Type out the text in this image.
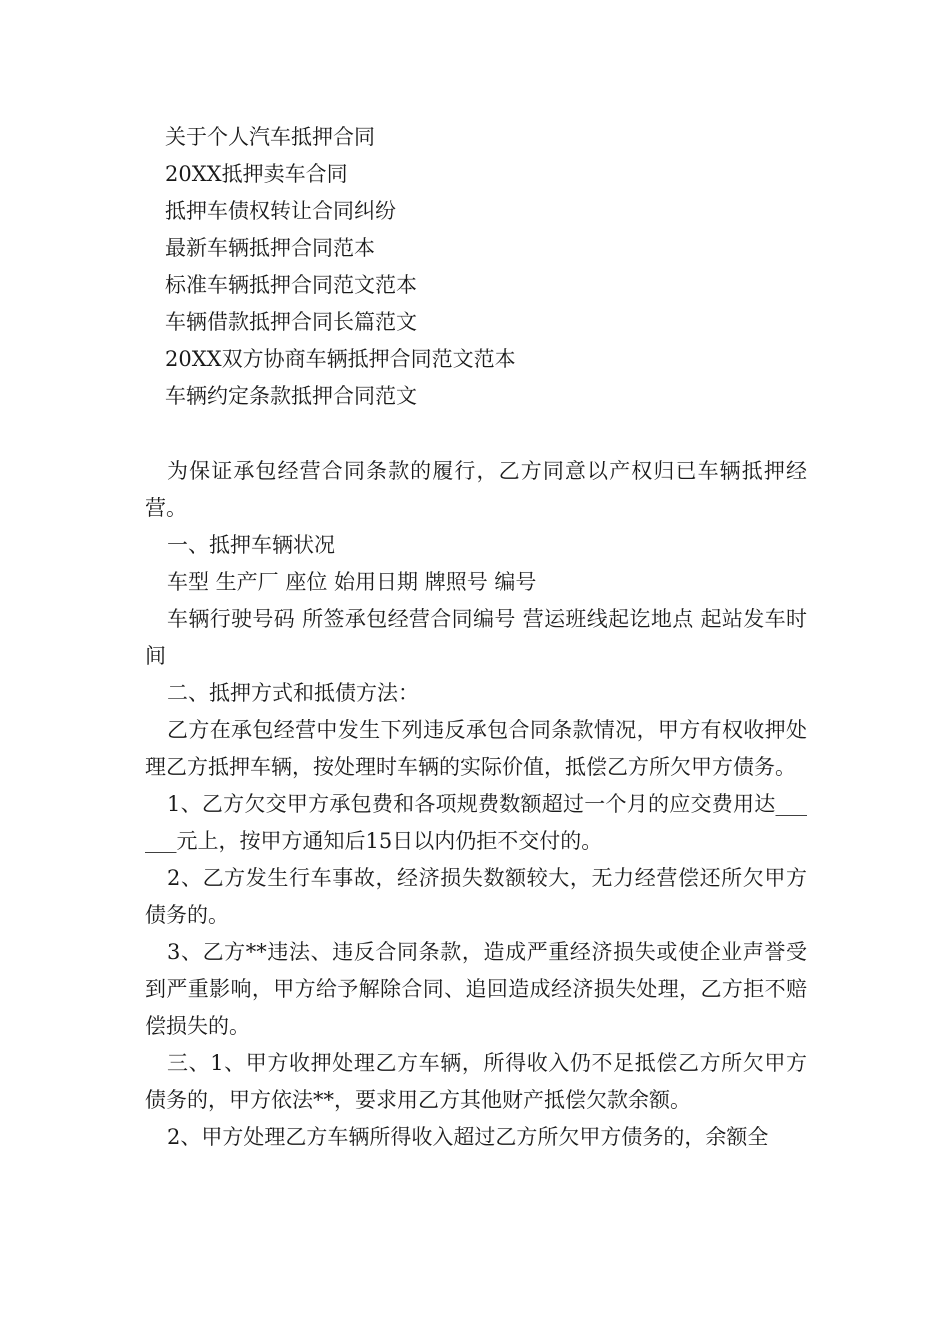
关于个人汽车抵押合同
20XX抵押卖车合同
抵押车债权转让合同纠纷
最新车辆抵押合同范本
标准车辆抵押合同范文范本
车辆借款抵押合同长篇范文
20XX双方协商车辆抵押合同范文范本
车辆约定条款抵押合同范文

为保证承包经营合同条款的履行，乙方同意以产权归已车辆抵押经营。

一、抵押车辆状况

车型 生产厂 座位 始用日期 牌照号 编号

车辆行驶号码 所签承包经营合同编号 营运班线起讫地点 起站发车时间

二、抵押方式和抵债方法：

乙方在承包经营中发生下列违反承包合同条款情况，甲方有权收押处理乙方抵押车辆，按处理时车辆的实际价值，抵偿乙方所欠甲方债务。

1、乙方欠交甲方承包费和各项规费数额超过一个月的应交费用达______元上，按甲方通知后15日以内仍拒不交付的。

2、乙方发生行车事故，经济损失数额较大，无力经营偿还所欠甲方债务的。

3、乙方**违法、违反合同条款，造成严重经济损失或使企业声誉受到严重影响，甲方给予解除合同、追回造成经济损失处理，乙方拒不赔偿损失的。

三、1、甲方收押处理乙方车辆，所得收入仍不足抵偿乙方所欠甲方债务的，甲方依法**，要求用乙方其他财产抵偿欠款余额。

2、甲方处理乙方车辆所得收入超过乙方所欠甲方债务的，余额全
